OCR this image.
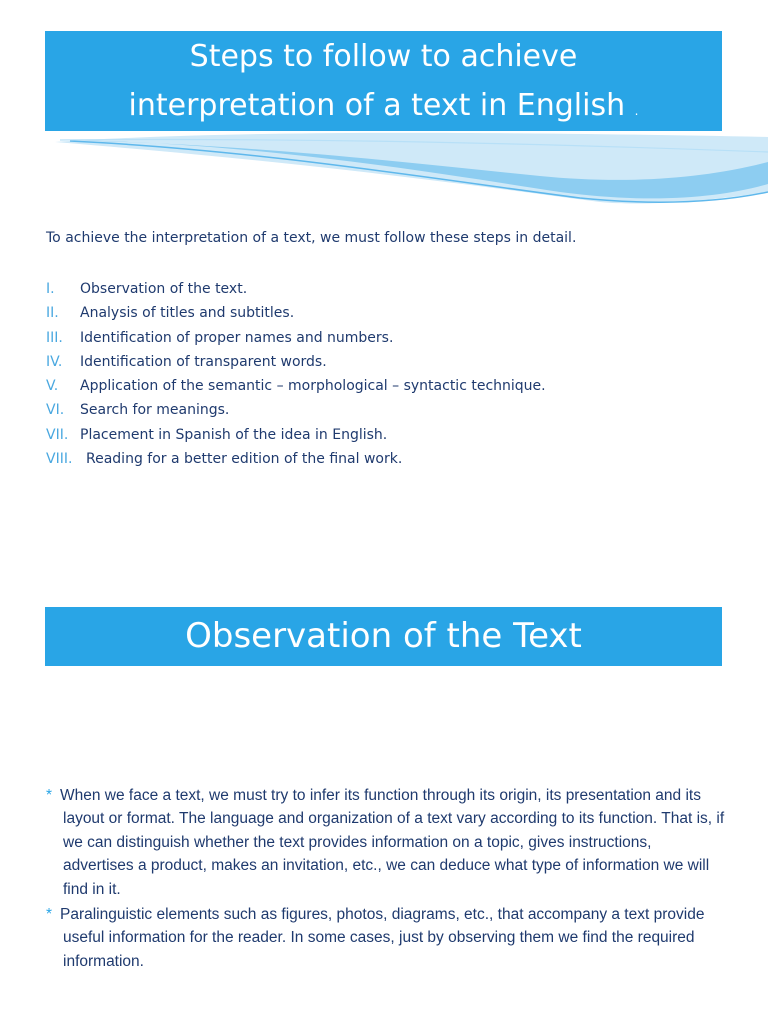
Steps to follow to achieve
interpretation of a text in English .
To achieve the interpretation of a text, we must follow these steps in detail.
I. Observation of the text.
II. Analysis of titles and subtitles.
III. Identification of proper names and numbers.
IV. Identification of transparent words.
V. Application of the semantic – morphological – syntactic technique.
VI. Search for meanings.
VII. Placement in Spanish of the idea in English.
VIII. Reading for a better edition of the final work.
Observation of the Text
* When we face a text, we must try to infer its function through its origin, its presentation and its layout or format. The language and organization of a text vary according to its function. That is, if we can distinguish whether the text provides information on a topic, gives instructions, advertises a product, makes an invitation, etc., we can deduce what type of information we will find in it.
* Paralinguistic elements such as figures, photos, diagrams, etc., that accompany a text provide useful information for the reader. In some cases, just by observing them we find the required information.
